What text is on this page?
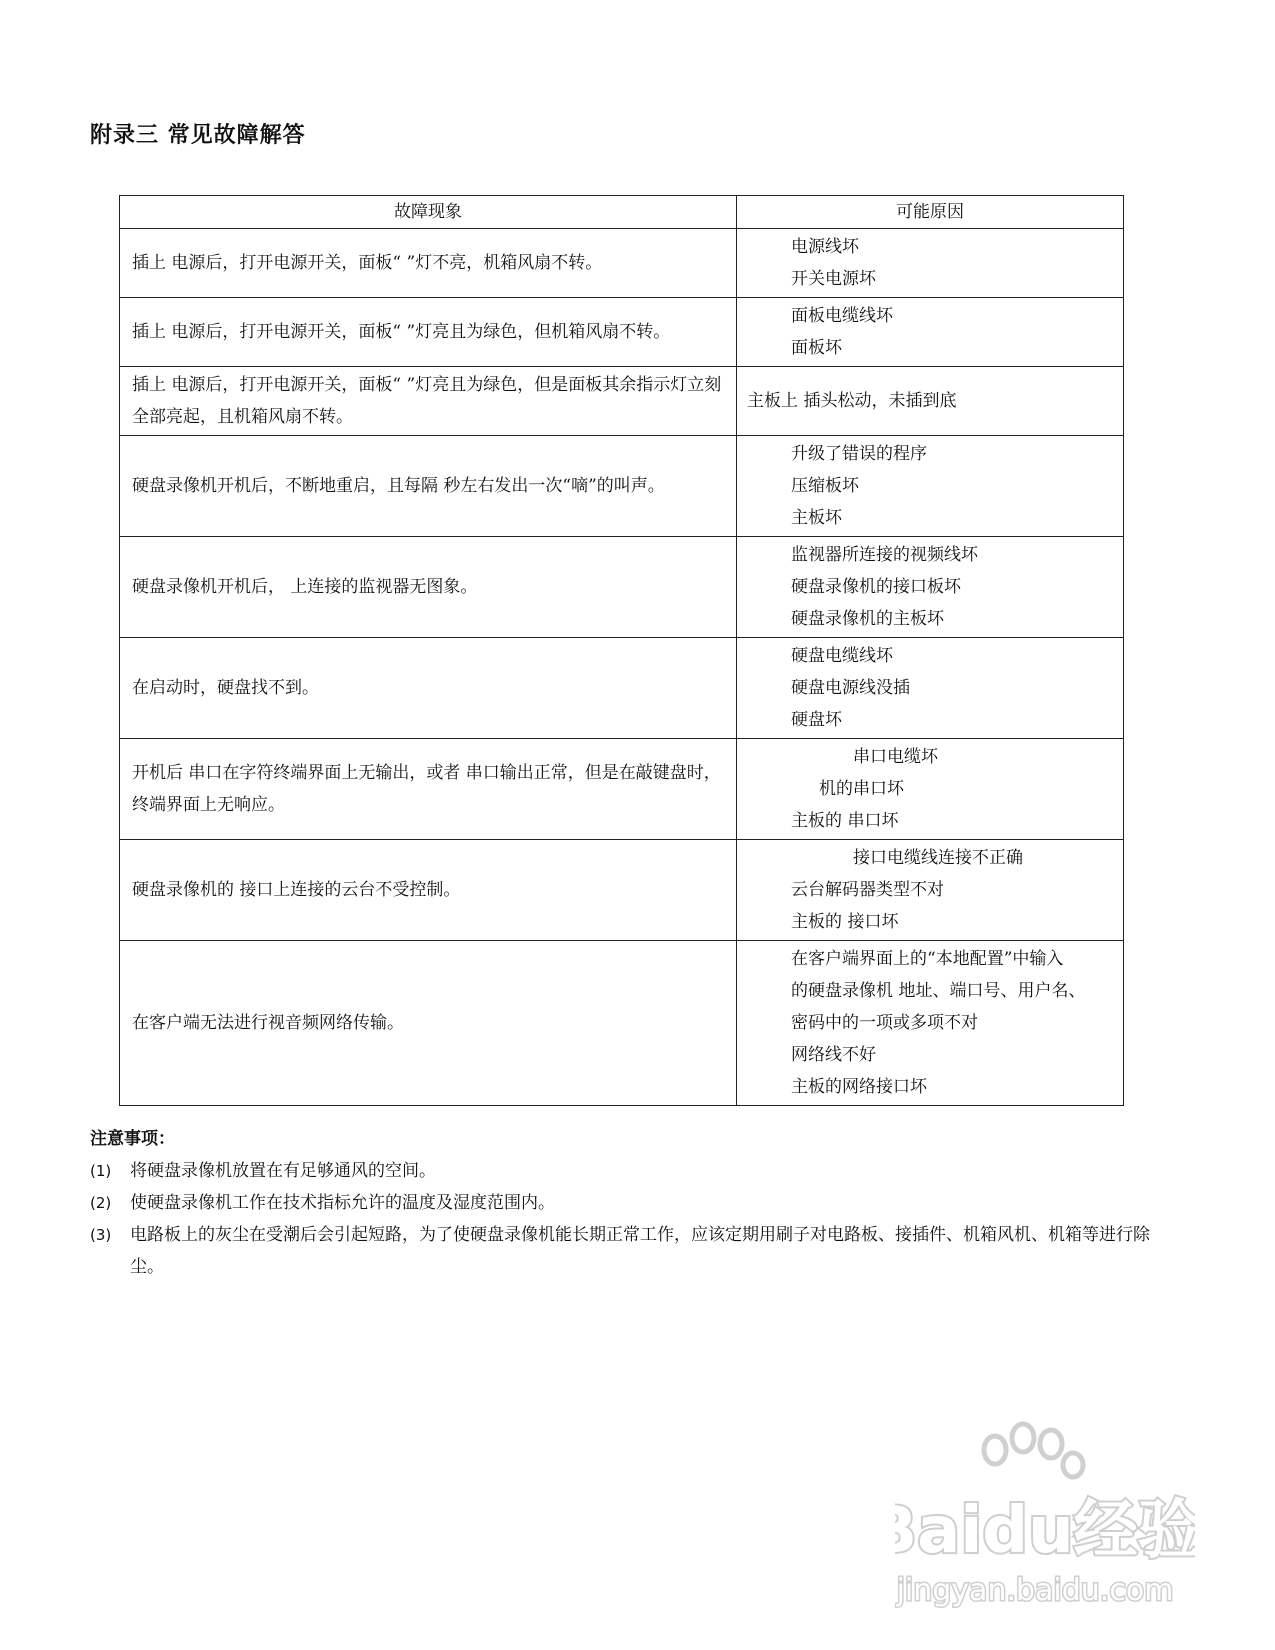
附录三 常见故障解答
故障现象	可能原因
插上 电源后，打开电源开关，面板“ ”灯不亮，机箱风扇不转。	电源线坏
开关电源坏

插上 电源后，打开电源开关，面板“ ”灯亮且为绿色，但机箱风扇不转。	面板电缆线坏
面板坏

插上 电源后，打开电源开关，面板“ ”灯亮且为绿色，但是面板其余指示灯立刻全部亮起，且机箱风扇不转。	主板上 插头松动，未插到底

硬盘录像机开机后，不断地重启，且每隔 秒左右发出一次“嘀”的叫声。	升级了错误的程序
压缩板坏
主板坏

硬盘录像机开机后， 上连接的监视器无图象。	监视器所连接的视频线坏
硬盘录像机的接口板坏
硬盘录像机的主板坏

在启动时，硬盘找不到。	硬盘电缆线坏
硬盘电源线没插
硬盘坏

开机后 串口在字符终端界面上无输出，或者 串口输出正常，但是在敲键盘时，终端界面上无响应。	串口电缆坏
机的串口坏
主板的 串口坏

硬盘录像机的 接口上连接的云台不受控制。	接口电缆线连接不正确
云台解码器类型不对
主板的 接口坏

在客户端无法进行视音频网络传输。	在客户端界面上的“本地配置”中输入
的硬盘录像机 地址、端口号、用户名、
密码中的一项或多项不对
网络线不好
主板的网络接口坏
注意事项：
(1)	将硬盘录像机放置在有足够通风的空间。
(2)	使硬盘录像机工作在技术指标允许的温度及湿度范围内。
(3)	电路板上的灰尘在受潮后会引起短路，为了使硬盘录像机能长期正常工作，应该定期用刷子对电路板、接插件、机箱风机、机箱等进行除尘。
Baidu经验
jingyan.baidu.com
